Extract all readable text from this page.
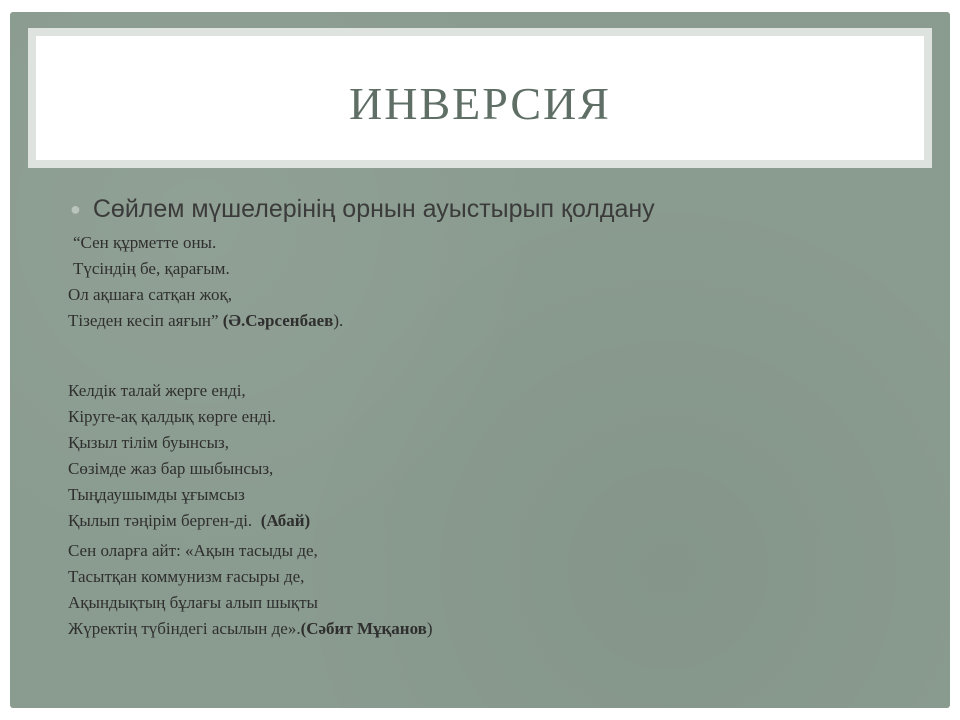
ИНВЕРСИЯ
● Сөйлем мүшелерінің орнын ауыстырып қолдану
“Сен құрметте оны.
Түсіндің бе, қарағым.
Ол ақшаға сатқан жоқ,
Тізеден кесіп аяғын” (Ә.Сәрсенбаев).
Келдік талай жерге енді,
Кіруге-ақ қалдық көрге енді.
Қызыл тілім буынсыз,
Сөзімде жаз бар шыбынсыз,
Тыңдаушымды ұғымсыз
Қылып тәңірім берген-ді. (Абай)
Сен оларға айт: «Ақын тасыды де,
Тасытқан коммунизм ғасыры де,
Ақындықтың бұлағы алып шықты
Жүректің түбіндегі асылын де».(Сәбит Мұқанов)
